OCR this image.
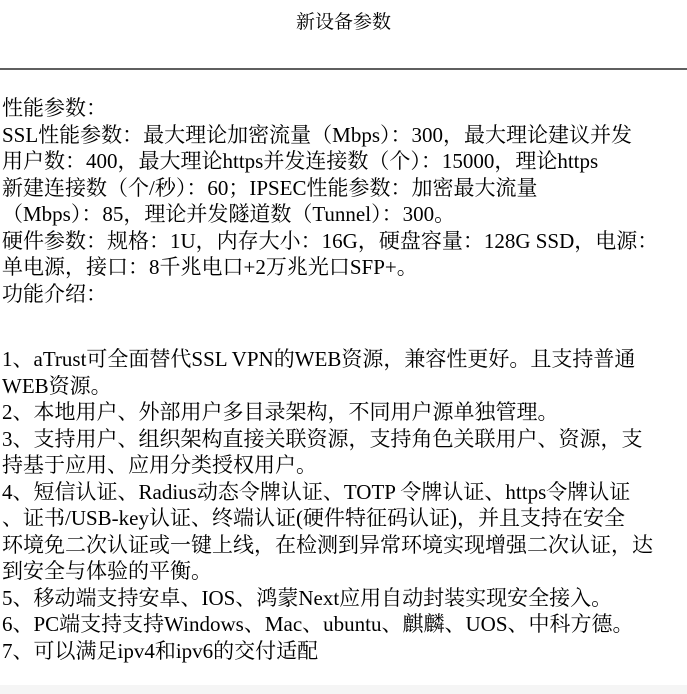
新设备参数
性能参数：
SSL性能参数：最大理论加密流量（Mbps）：300，最大理论建议并发
用户数：400，最大理论https并发连接数（个）：15000，理论https
新建连接数（个/秒）：60；IPSEC性能参数：加密最大流量
（Mbps）：85，理论并发隧道数（Tunnel）：300。
硬件参数：规格：1U，内存大小：16G，硬盘容量：128G SSD，电源：
单电源，接口：8千兆电口+2万兆光口SFP+。
功能介绍：
1、aTrust可全面替代SSL VPN的WEB资源，兼容性更好。且支持普通
WEB资源。
2、本地用户、外部用户多目录架构，不同用户源单独管理。
3、支持用户、组织架构直接关联资源，支持角色关联用户、资源，支
持基于应用、应用分类授权用户。
4、短信认证、Radius动态令牌认证、TOTP 令牌认证、https令牌认证
、证书/USB-key认证、终端认证(硬件特征码认证)，并且支持在安全
环境免二次认证或一键上线，在检测到异常环境实现增强二次认证，达
到安全与体验的平衡。
5、移动端支持安卓、IOS、鸿蒙Next应用自动封装实现安全接入。
6、PC端支持支持Windows、Mac、ubuntu、麒麟、UOS、中科方德。
7、可以满足ipv4和ipv6的交付适配
